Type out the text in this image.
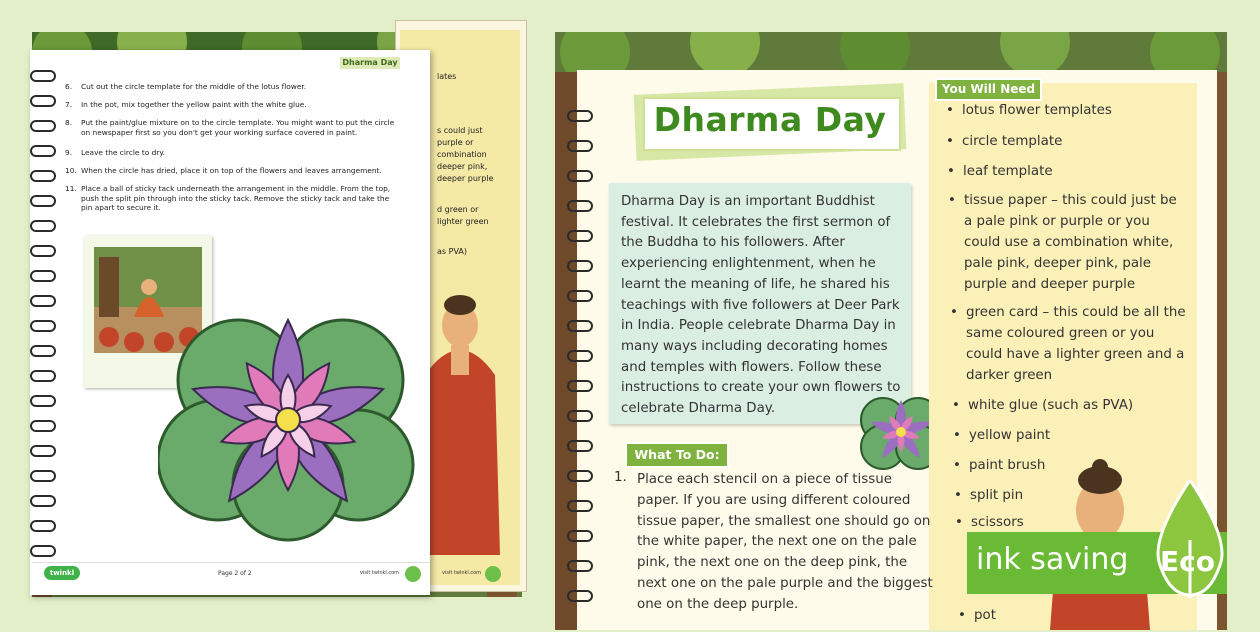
lates
s could just
purple or
combination
deeper pink,
deeper purple
d green or
lighter green
as PVA)
Dharma Day
6.	Cut out the circle template for the middle of the lotus flower.
7.	In the pot, mix together the yellow paint with the white glue.
8.	Put the paint/glue mixture on to the circle template. You might want to put the circle on newspaper first so you don't get your working surface covered in paint.
9.	Leave the circle to dry.
10. When the circle has dried, place it on top of the flowers and leaves arrangement.
11. Place a ball of sticky tack underneath the arrangement in the middle. From the top, push the split pin through into the sticky tack. Remove the sticky tack and take the pin apart to secure it.
twinkl	Page 2 of 2	visit twinkl.com	visit twinkl.com
Dharma Day
Dharma Day is an important Buddhist festival. It celebrates the first sermon of the Buddha to his followers. After experiencing enlightenment, when he learnt the meaning of life, he shared his teachings with five followers at Deer Park in India. People celebrate Dharma Day in many ways including decorating homes and temples with flowers. Follow these instructions to create your own flowers to celebrate Dharma Day.
You Will Need
• lotus flower templates
• circle template
• leaf template
• tissue paper – this could just be a pale pink or purple or you could use a combination white, pale pink, deeper pink, pale purple and deeper purple
• green card – this could be all the same coloured green or you could have a lighter green and a darker green
• white glue (such as PVA)
• yellow paint
• paint brush
• split pin
• scissors
• pot
What To Do:
1. Place each stencil on a piece of tissue paper. If you are using different coloured tissue paper, the smallest one should go on the white paper, the next one on the pale pink, the next one on the deep pink, the next one on the pale purple and the biggest one on the deep purple.
ink saving Eco
